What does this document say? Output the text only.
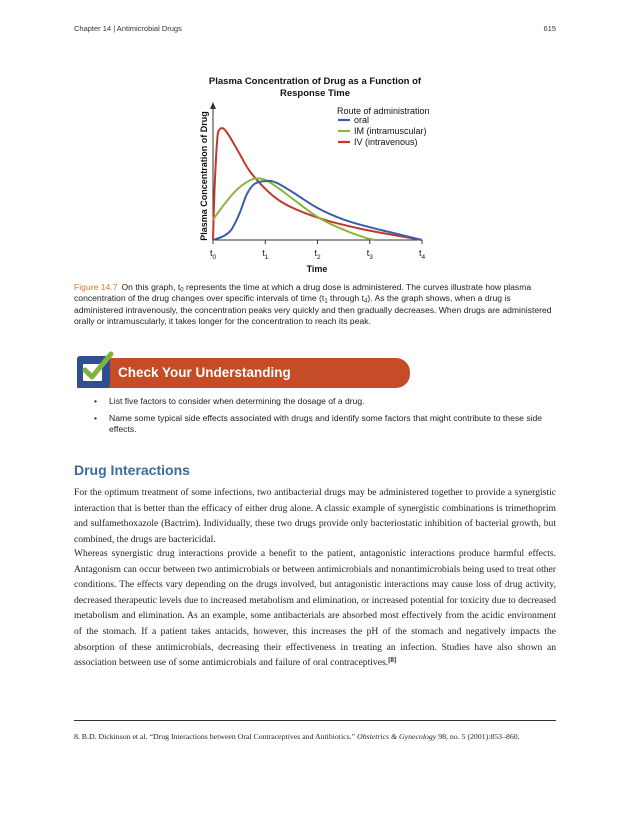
Chapter 14 | Antimicrobial Drugs	615
Plasma Concentration of Drug as a Function of
Response Time
Route of administration
Plasma Concentration of Drug
Time
$t_0$	$t_1$	$t_2$	$t_3$	$t_4$
oral
IM (intramuscular)
IV (intravenous)
Figure 14.7 On this graph, $t_0$ represents the time at which a drug dose is administered. The curves illustrate how plasma concentration of the drug changes over specific intervals of time ($t_1$ through $t_4$). As the graph shows, when a drug is administered intravenously, the concentration peaks very quickly and then gradually decreases. When drugs are administered orally or intramuscularly, it takes longer for the concentration to reach its peak.
Check Your Understanding
• List five factors to consider when determining the dosage of a drug.
• Name some typical side effects associated with drugs and identify some factors that might contribute to these side effects.
Drug Interactions
For the optimum treatment of some infections, two antibacterial drugs may be administered together to provide a synergistic interaction that is better than the efficacy of either drug alone. A classic example of synergistic combinations is trimethoprim and sulfamethoxazole (Bactrim). Individually, these two drugs provide only bacteriostatic inhibition of bacterial growth, but combined, the drugs are bactericidal.
Whereas synergistic drug interactions provide a benefit to the patient, antagonistic interactions produce harmful effects. Antagonism can occur between two antimicrobials or between antimicrobials and nonantimicrobials being used to treat other conditions. The effects vary depending on the drugs involved, but antagonistic interactions may cause loss of drug activity, decreased therapeutic levels due to increased metabolism and elimination, or increased potential for toxicity due to decreased metabolism and elimination. As an example, some antibacterials are absorbed most effectively from the acidic environment of the stomach. If a patient takes antacids, however, this increases the pH of the stomach and negatively impacts the absorption of these antimicrobials, decreasing their effectiveness in treating an infection. Studies have also shown an association between use of some antimicrobials and failure of oral contraceptives.[8]
8. B.D. Dickinson et al. “Drug Interactions between Oral Contraceptives and Antibiotics.” Obstetrics & Gynecology 98, no. 5 (2001):853–860.
